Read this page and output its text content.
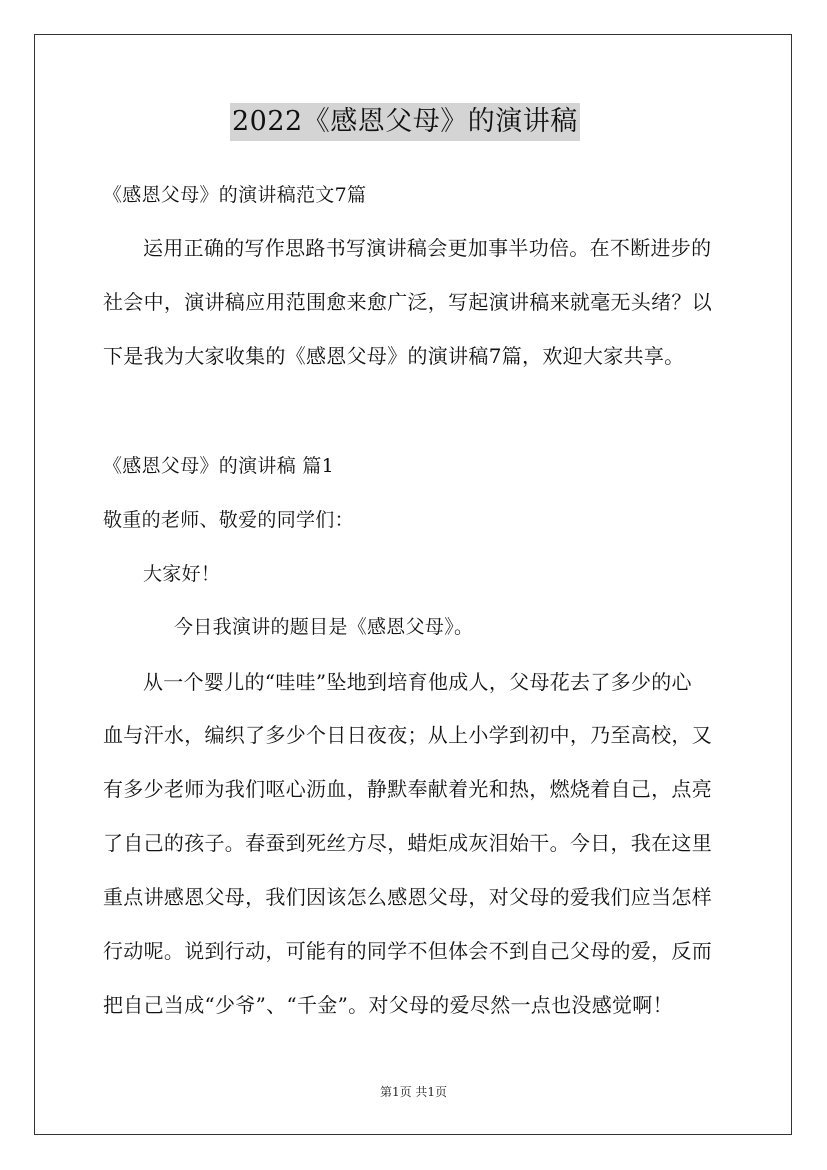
2022《感恩父母》的演讲稿
《感恩父母》的演讲稿范文7篇
运用正确的写作思路书写演讲稿会更加事半功倍。在不断进步的
社会中，演讲稿应用范围愈来愈广泛，写起演讲稿来就毫无头绪？以
下是我为大家收集的《感恩父母》的演讲稿7篇，欢迎大家共享。
《感恩父母》的演讲稿 篇1
敬重的老师、敬爱的同学们：
大家好！
今日我演讲的题目是《感恩父母》。
从一个婴儿的“哇哇”坠地到培育他成人，父母花去了多少的心
血与汗水，编织了多少个日日夜夜；从上小学到初中，乃至高校，又
有多少老师为我们呕心沥血，静默奉献着光和热，燃烧着自己，点亮
了自己的孩子。春蚕到死丝方尽，蜡炬成灰泪始干。今日，我在这里
重点讲感恩父母，我们因该怎么感恩父母，对父母的爱我们应当怎样
行动呢。说到行动，可能有的同学不但体会不到自己父母的爱，反而
把自己当成“少爷”、“千金”。对父母的爱尽然一点也没感觉啊！
第1页 共1页
